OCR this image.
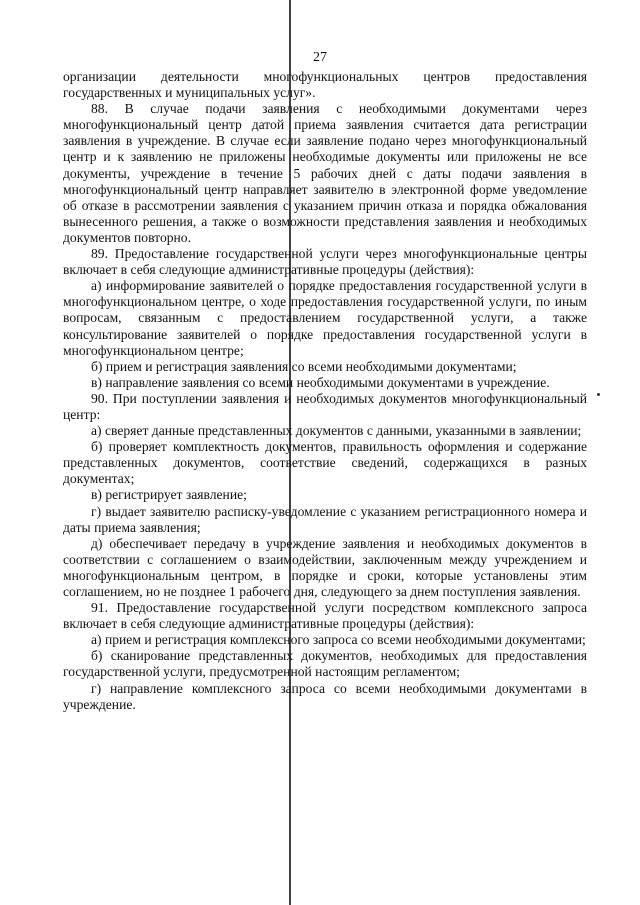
27

организации деятельности многофункциональных центров предоставления государственных и муниципальных услуг».

88. В случае подачи заявления с необходимыми документами через многофункциональный центр датой приема заявления считается дата регистрации заявления в учреждение. В случае если заявление подано через многофункциональный центр и к заявлению не приложены необходимые документы или приложены не все документы, учреждение в течение 5 рабочих дней с даты подачи заявления в многофункциональный центр направляет заявителю в электронной форме уведомление об отказе в рассмотрении заявления с указанием причин отказа и порядка обжалования вынесенного решения, а также о возможности представления заявления и необходимых документов повторно.

89. Предоставление государственной услуги через многофункциональные центры включает в себя следующие административные процедуры (действия):

а) информирование заявителей о порядке предоставления государственной услуги в многофункциональном центре, о ходе предоставления государственной услуги, по иным вопросам, связанным с предоставлением государственной услуги, а также консультирование заявителей о порядке предоставления государственной услуги в многофункциональном центре;

б) прием и регистрация заявления со всеми необходимыми документами;

в) направление заявления со всеми необходимыми документами в учреждение.

90. При поступлении заявления и необходимых документов многофункциональный центр:

а) сверяет данные представленных документов с данными, указанными в заявлении;

б) проверяет комплектность документов, правильность оформления и содержание представленных документов, соответствие сведений, содержащихся в разных документах;

в) регистрирует заявление;

г) выдает заявителю расписку-уведомление с указанием регистрационного номера и даты приема заявления;

д) обеспечивает передачу в учреждение заявления и необходимых документов в соответствии с соглашением о взаимодействии, заключенным между учреждением и многофункциональным центром, в порядке и сроки, которые установлены этим соглашением, но не позднее 1 рабочего дня, следующего за днем поступления заявления.

91. Предоставление государственной услуги посредством комплексного запроса включает в себя следующие административные процедуры (действия):

а) прием и регистрация комплексного запроса со всеми необходимыми документами;

б) сканирование представленных документов, необходимых для предоставления государственной услуги, предусмотренной настоящим регламентом;

г) направление комплексного запроса со всеми необходимыми документами в учреждение.
